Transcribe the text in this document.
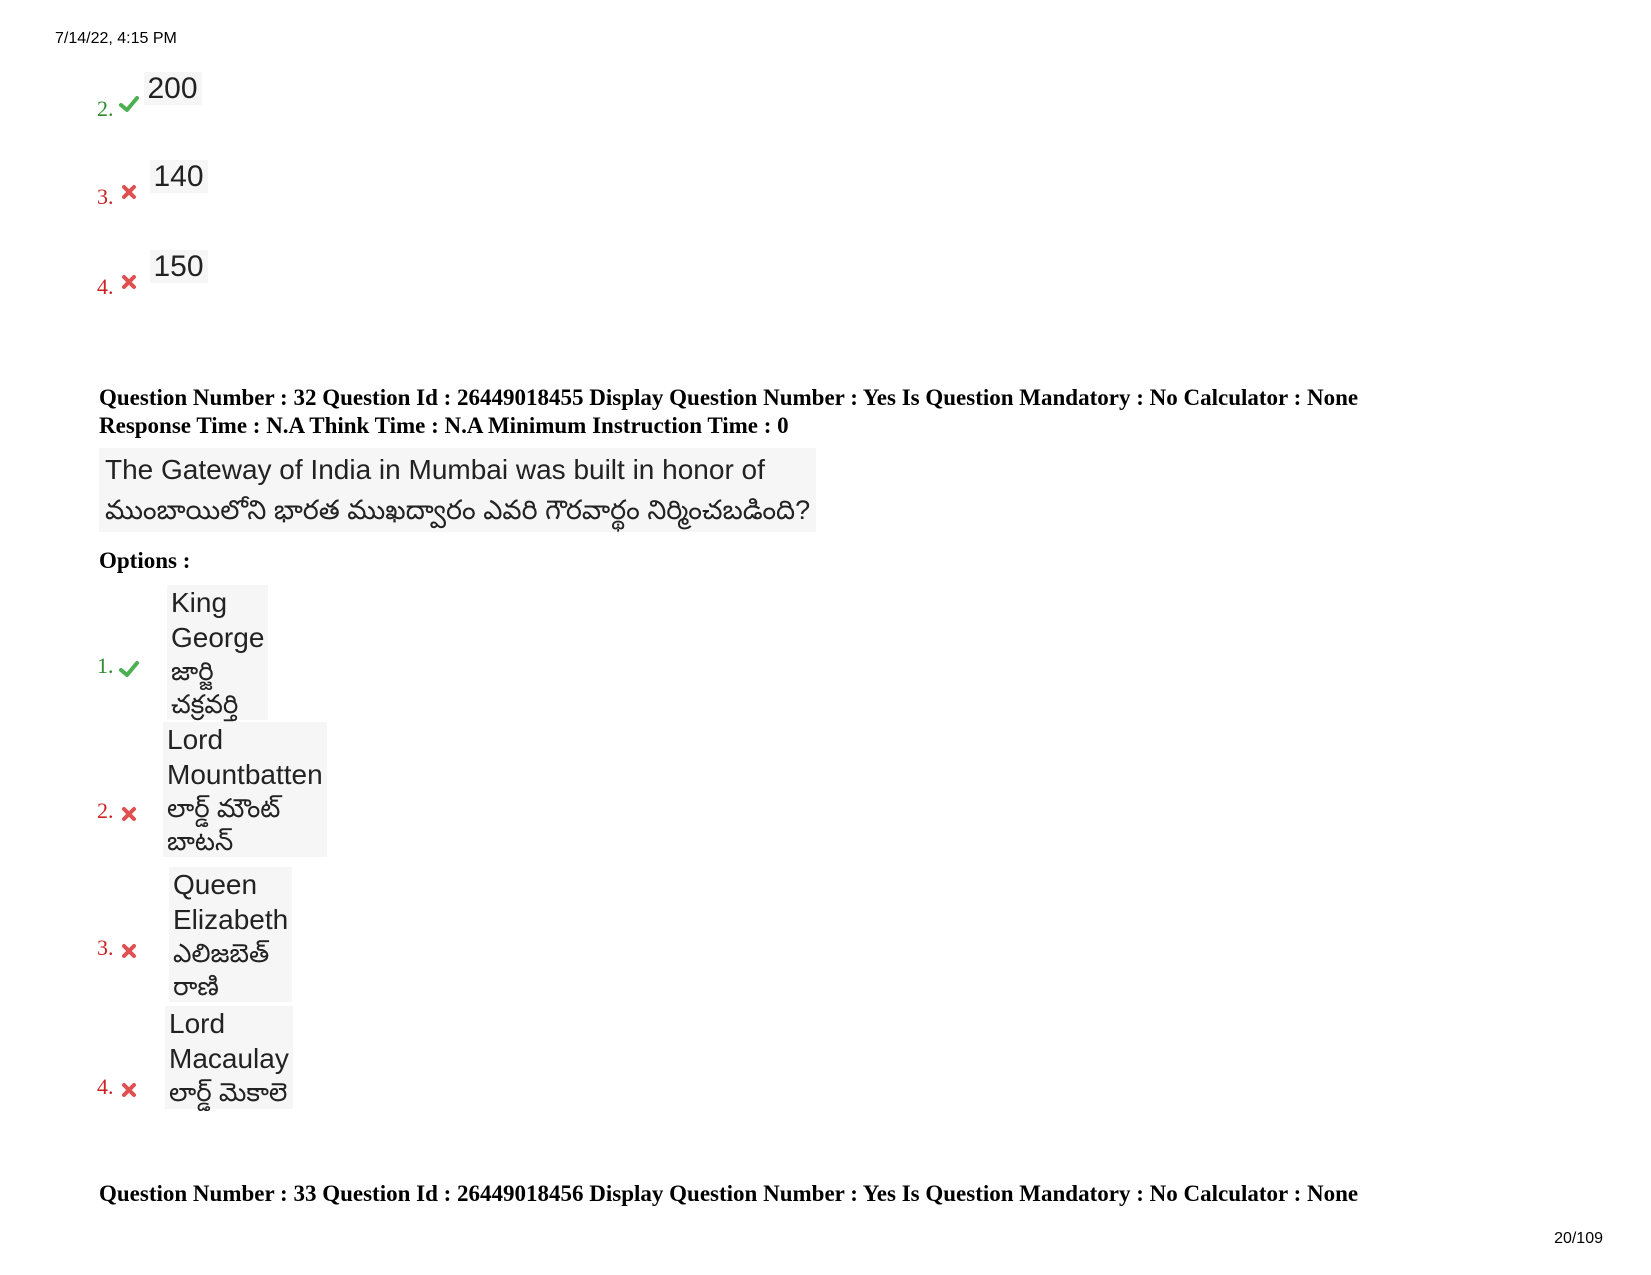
7/14/22, 4:15 PM
20/109
2.  200
3.  140
4.  150
Question Number : 32 Question Id : 26449018455 Display Question Number : Yes Is Question Mandatory : No Calculator : None
Response Time : N.A Think Time : N.A Minimum Instruction Time : 0
The Gateway of India in Mumbai was built in honor of
ముంబాయిలోని భారత ముఖద్వారం ఎవరి గౌరవార్థం నిర్మించబడింది?
Options :
King George
జార్జి చక్రవర్తి
1.
Lord Mountbatten
లార్డ్ మౌంట్ బాటన్
2.
Queen Elizabeth
ఎలిజబెత్ రాణి
3.
Lord Macaulay
లార్డ్ మెకాలె
4.
Question Number : 33 Question Id : 26449018456 Display Question Number : Yes Is Question Mandatory : No Calculator : None
